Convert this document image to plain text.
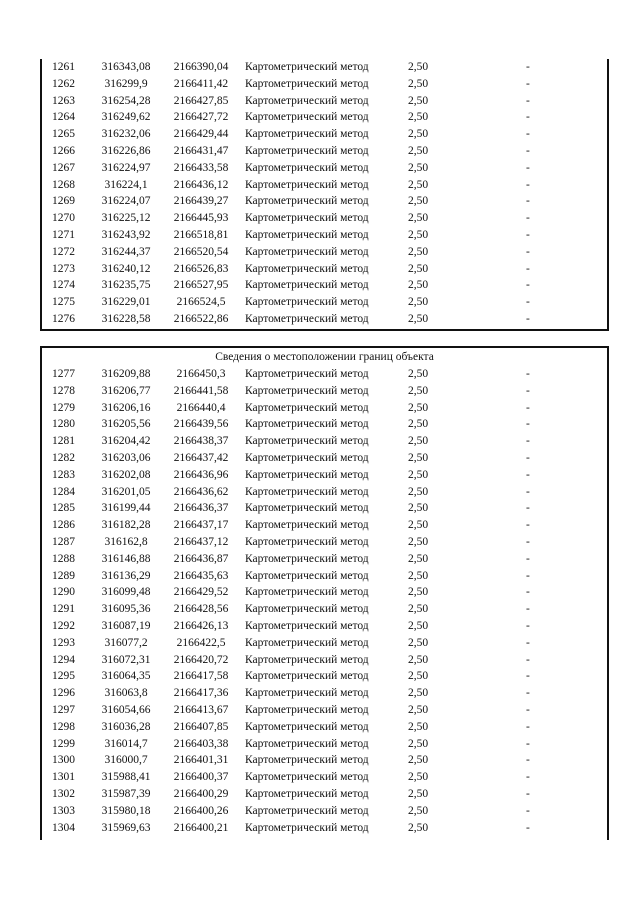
1261	316343,08	2166390,04	Картометрический метод	2,50	-
1262	316299,9	2166411,42	Картометрический метод	2,50	-
1263	316254,28	2166427,85	Картометрический метод	2,50	-
1264	316249,62	2166427,72	Картометрический метод	2,50	-
1265	316232,06	2166429,44	Картометрический метод	2,50	-
1266	316226,86	2166431,47	Картометрический метод	2,50	-
1267	316224,97	2166433,58	Картометрический метод	2,50	-
1268	316224,1	2166436,12	Картометрический метод	2,50	-
1269	316224,07	2166439,27	Картометрический метод	2,50	-
1270	316225,12	2166445,93	Картометрический метод	2,50	-
1271	316243,92	2166518,81	Картометрический метод	2,50	-
1272	316244,37	2166520,54	Картометрический метод	2,50	-
1273	316240,12	2166526,83	Картометрический метод	2,50	-
1274	316235,75	2166527,95	Картометрический метод	2,50	-
1275	316229,01	2166524,5	Картометрический метод	2,50	-
1276	316228,58	2166522,86	Картометрический метод	2,50	-
Сведения о местоположении границ объекта
1277	316209,88	2166450,3	Картометрический метод	2,50	-
1278	316206,77	2166441,58	Картометрический метод	2,50	-
1279	316206,16	2166440,4	Картометрический метод	2,50	-
1280	316205,56	2166439,56	Картометрический метод	2,50	-
1281	316204,42	2166438,37	Картометрический метод	2,50	-
1282	316203,06	2166437,42	Картометрический метод	2,50	-
1283	316202,08	2166436,96	Картометрический метод	2,50	-
1284	316201,05	2166436,62	Картометрический метод	2,50	-
1285	316199,44	2166436,37	Картометрический метод	2,50	-
1286	316182,28	2166437,17	Картометрический метод	2,50	-
1287	316162,8	2166437,12	Картометрический метод	2,50	-
1288	316146,88	2166436,87	Картометрический метод	2,50	-
1289	316136,29	2166435,63	Картометрический метод	2,50	-
1290	316099,48	2166429,52	Картометрический метод	2,50	-
1291	316095,36	2166428,56	Картометрический метод	2,50	-
1292	316087,19	2166426,13	Картометрический метод	2,50	-
1293	316077,2	2166422,5	Картометрический метод	2,50	-
1294	316072,31	2166420,72	Картометрический метод	2,50	-
1295	316064,35	2166417,58	Картометрический метод	2,50	-
1296	316063,8	2166417,36	Картометрический метод	2,50	-
1297	316054,66	2166413,67	Картометрический метод	2,50	-
1298	316036,28	2166407,85	Картометрический метод	2,50	-
1299	316014,7	2166403,38	Картометрический метод	2,50	-
1300	316000,7	2166401,31	Картометрический метод	2,50	-
1301	315988,41	2166400,37	Картометрический метод	2,50	-
1302	315987,39	2166400,29	Картометрический метод	2,50	-
1303	315980,18	2166400,26	Картометрический метод	2,50	-
1304	315969,63	2166400,21	Картометрический метод	2,50	-
